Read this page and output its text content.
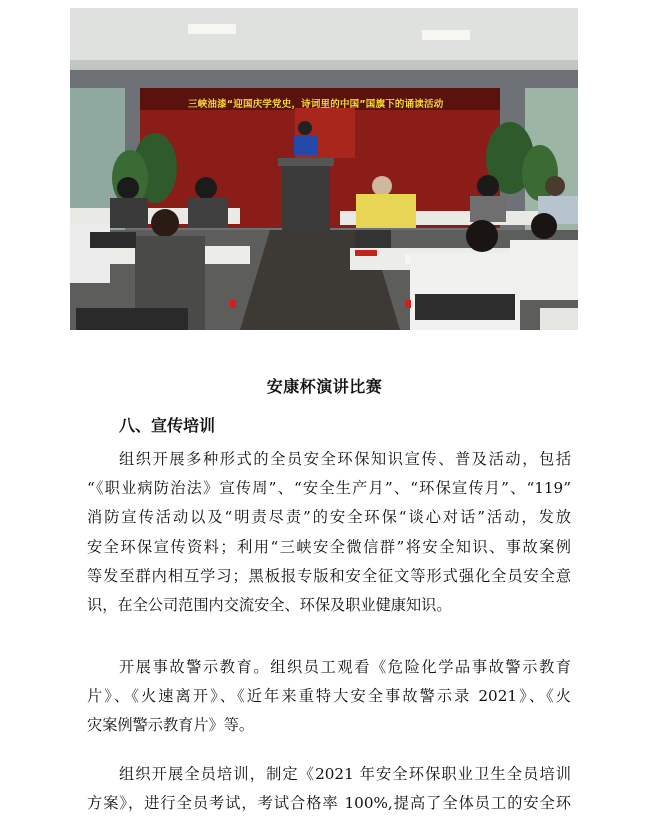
三峡油漆“迎国庆学党史，诗词里的中国”国旗下的诵读活动
安康杯演讲比赛
八、宣传培训
组织开展多种形式的全员安全环保知识宣传、普及活动，包括
“《职业病防治法》宣传周”、“安全生产月”、“环保宣传月”、“119”
消防宣传活动以及“明责尽责”的安全环保“谈心对话”活动，发放
安全环保宣传资料；利用“三峡安全微信群”将安全知识、事故案例
等发至群内相互学习；黑板报专版和安全征文等形式强化全员安全意
识，在全公司范围内交流安全、环保及职业健康知识。
开展事故警示教育。组织员工观看《危险化学品事故警示教育
片》、《火速离开》、《近年来重特大安全事故警示录 2021》、《火
灾案例警示教育片》等。
组织开展全员培训，制定《2021 年安全环保职业卫生全员培训
方案》，进行全员考试，考试合格率 100%,提高了全体员工的安全环
